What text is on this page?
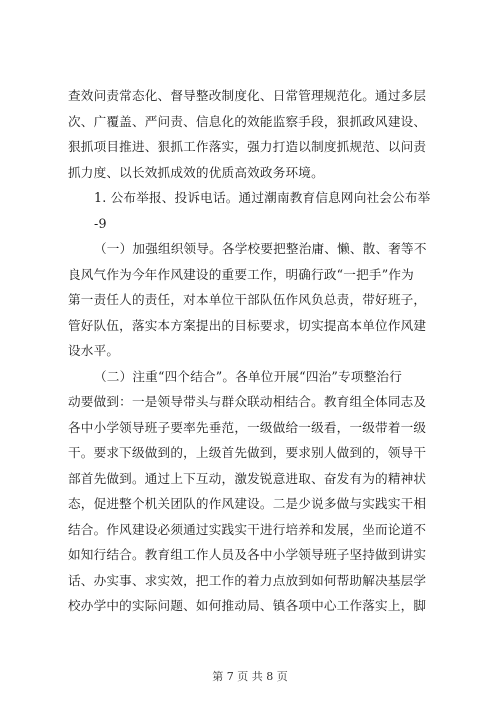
查效问责常态化、督导整改制度化、日常管理规范化。通过多层
次、广覆盖、严问责、信息化的效能监察手段，狠抓政风建设、
狠抓项目推进、狠抓工作落实，强力打造以制度抓规范、以问责
抓力度、以长效抓成效的优质高效政务环境。
1. 公布举报、投诉电话。通过潮南教育信息网向社会公布举
-9
（一）加强组织领导。各学校要把整治庸、懒、散、奢等不
良风气作为今年作风建设的重要工作，明确行政“一把手”作为
第一责任人的责任，对本单位干部队伍作风负总责，带好班子，
管好队伍，落实本方案提出的目标要求，切实提高本单位作风建
设水平。
（二）注重“四个结合”。各单位开展“四治”专项整治行
动要做到：一是领导带头与群众联动相结合。教育组全体同志及
各中小学领导班子要率先垂范，一级做给一级看，一级带着一级
干。要求下级做到的，上级首先做到，要求别人做到的，领导干
部首先做到。通过上下互动，激发锐意进取、奋发有为的精神状
态，促进整个机关团队的作风建设。二是少说多做与实践实干相
结合。作风建设必须通过实践实干进行培养和发展，坐而论道不
如知行结合。教育组工作人员及各中小学领导班子坚持做到讲实
话、办实事、求实效，把工作的着力点放到如何帮助解决基层学
校办学中的实际问题、如何推动局、镇各项中心工作落实上，脚
第 7 页 共 8 页
